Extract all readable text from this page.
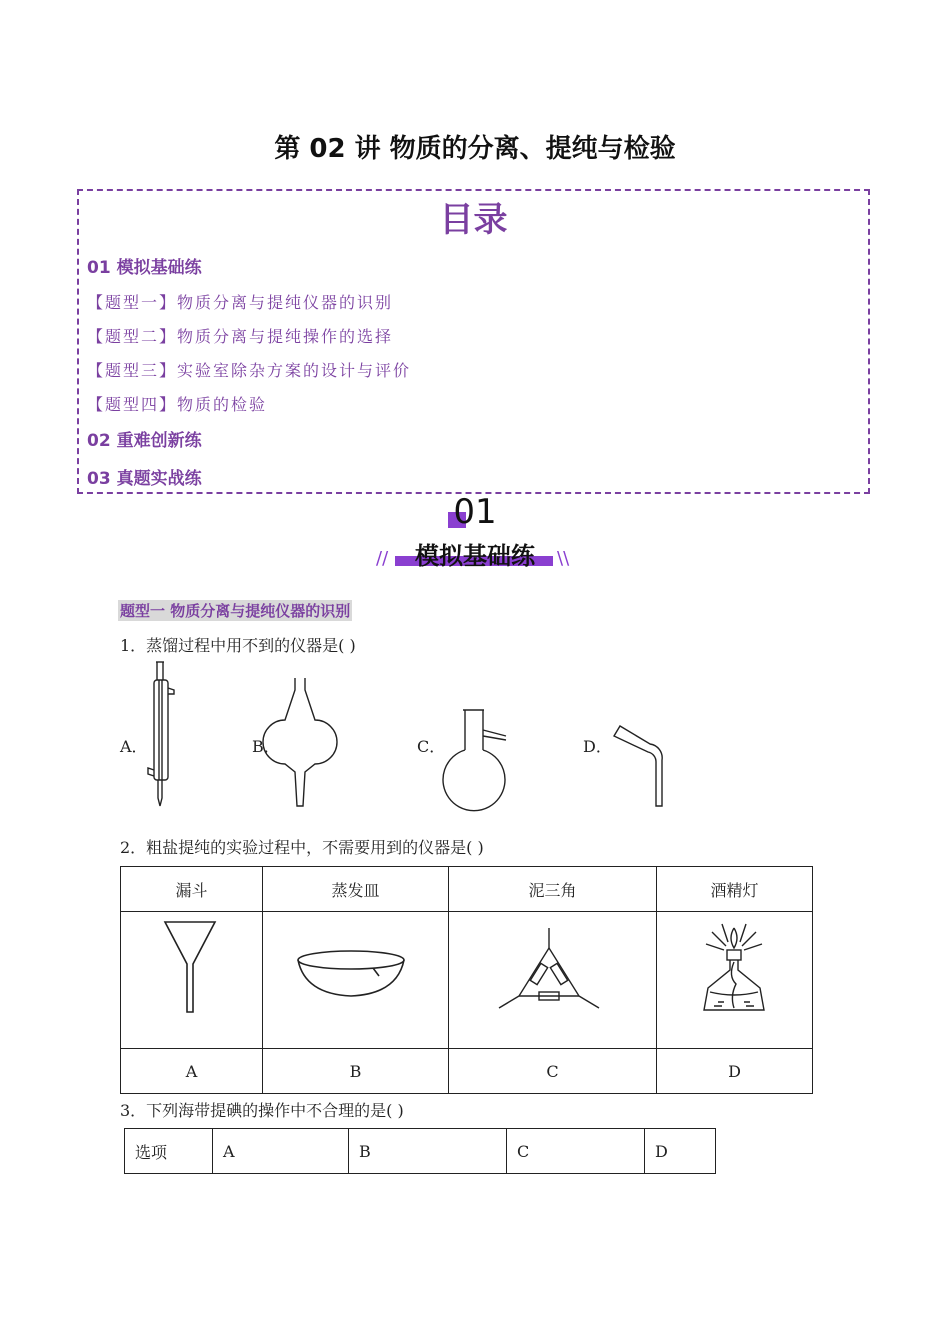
第 02 讲 物质的分离、提纯与检验
目录
01 模拟基础练
【题型一】物质分离与提纯仪器的识别
【题型二】物质分离与提纯操作的选择
【题型三】实验室除杂方案的设计与评价
【题型四】物质的检验
02 重难创新练
03 真题实战练
01
//	\\
模拟基础练
题型一 物质分离与提纯仪器的识别
1．蒸馏过程中用不到的仪器是( )
A．	B．	C．	D．
2．粗盐提纯的实验过程中，不需要用到的仪器是( )
漏斗	蒸发皿	泥三角	酒精灯

A	B	C	D
3．下列海带提碘的操作中不合理的是( )
选项	A	B	C	D
